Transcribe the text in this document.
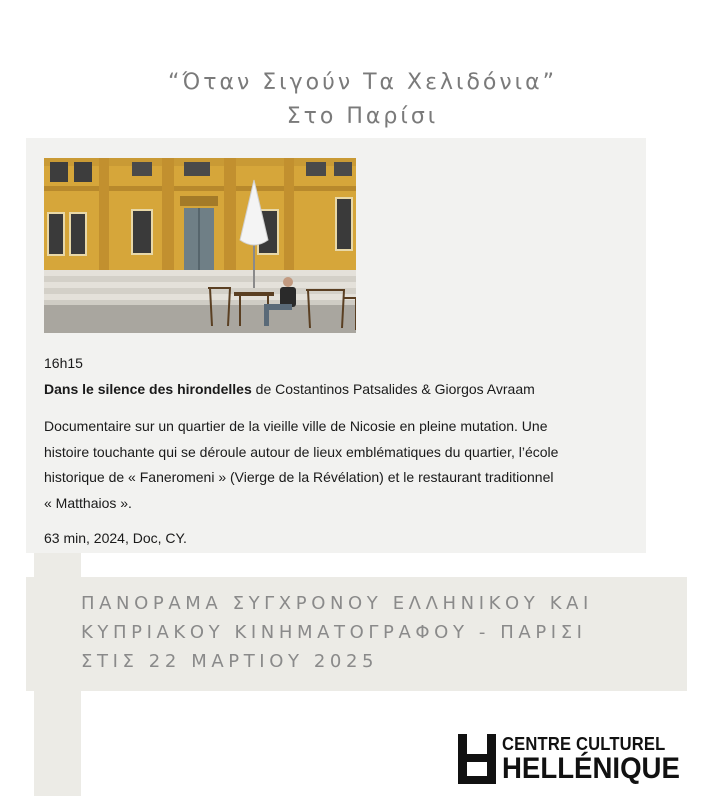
“Όταν Σιγούν Τα Χελιδόνια”
Στο Παρίσι

16h15

Dans le silence des hirondelles de Costantinos Patsalides & Giorgos Avraam

Documentaire sur un quartier de la vieille ville de Nicosie en pleine mutation. Une
histoire touchante qui se déroule autour de lieux emblématiques du quartier, l’école
historique de « Faneromeni » (Vierge de la Révélation) et le restaurant traditionnel
« Matthaios ».

63 min, 2024, Doc, CY.

ΠΑΝΟΡΑΜΑ ΣΥΓΧΡΟΝΟΥ ΕΛΛΗΝΙΚΟΥ ΚΑΙ
ΚΥΠΡΙΑΚΟΥ ΚΙΝΗΜΑΤΟΓΡΑΦΟΥ - ΠΑΡΙΣΙ
ΣΤΙΣ 22 ΜΑΡΤΙΟΥ 2025
CENTRE CULTUREL
HELLÉNIQUE
